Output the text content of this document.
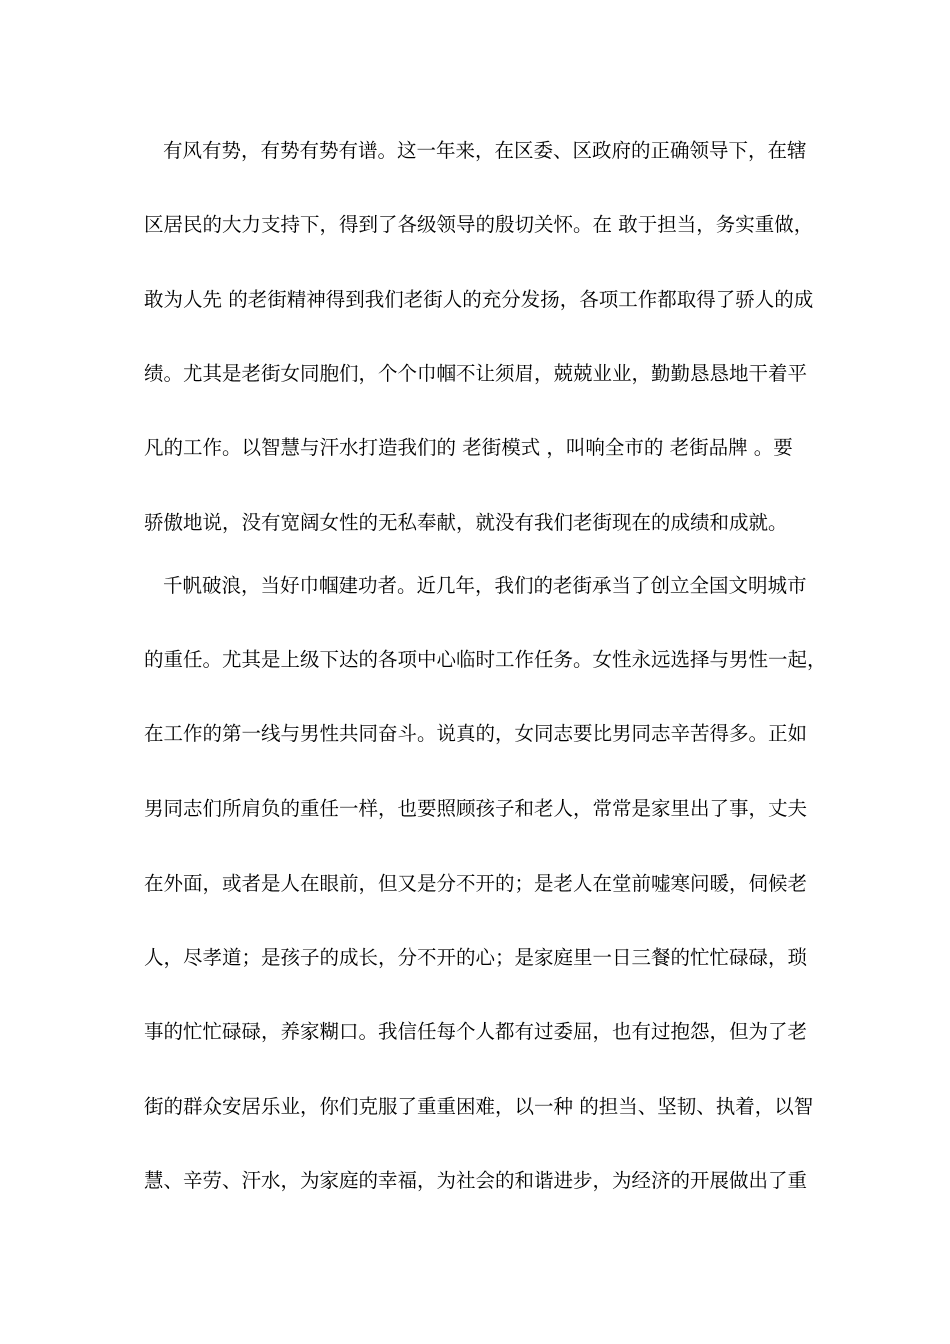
有风有势，有势有势有谱。这一年来，在区委、区政府的正确领导下，在辖
区居民的大力支持下，得到了各级领导的殷切关怀。在 敢于担当，务实重做，
敢为人先 的老街精神得到我们老街人的充分发扬，各项工作都取得了骄人的成
绩。尤其是老街女同胞们，个个巾帼不让须眉，兢兢业业，勤勤恳恳地干着平
凡的工作。以智慧与汗水打造我们的 老街模式 ，叫响全市的 老街品牌 。要
骄傲地说，没有宽阔女性的无私奉献，就没有我们老街现在的成绩和成就。
千帆破浪，当好巾帼建功者。近几年，我们的老街承当了创立全国文明城市
的重任。尤其是上级下达的各项中心临时工作任务。女性永远选择与男性一起，
在工作的第一线与男性共同奋斗。说真的，女同志要比男同志辛苦得多。正如
男同志们所肩负的重任一样，也要照顾孩子和老人，常常是家里出了事，丈夫
在外面，或者是人在眼前，但又是分不开的；是老人在堂前嘘寒问暖，伺候老
人，尽孝道；是孩子的成长，分不开的心；是家庭里一日三餐的忙忙碌碌，琐
事的忙忙碌碌，养家糊口。我信任每个人都有过委屈，也有过抱怨，但为了老
街的群众安居乐业，你们克服了重重困难，以一种 的担当、坚韧、执着，以智
慧、辛劳、汗水，为家庭的幸福，为社会的和谐进步，为经济的开展做出了重
